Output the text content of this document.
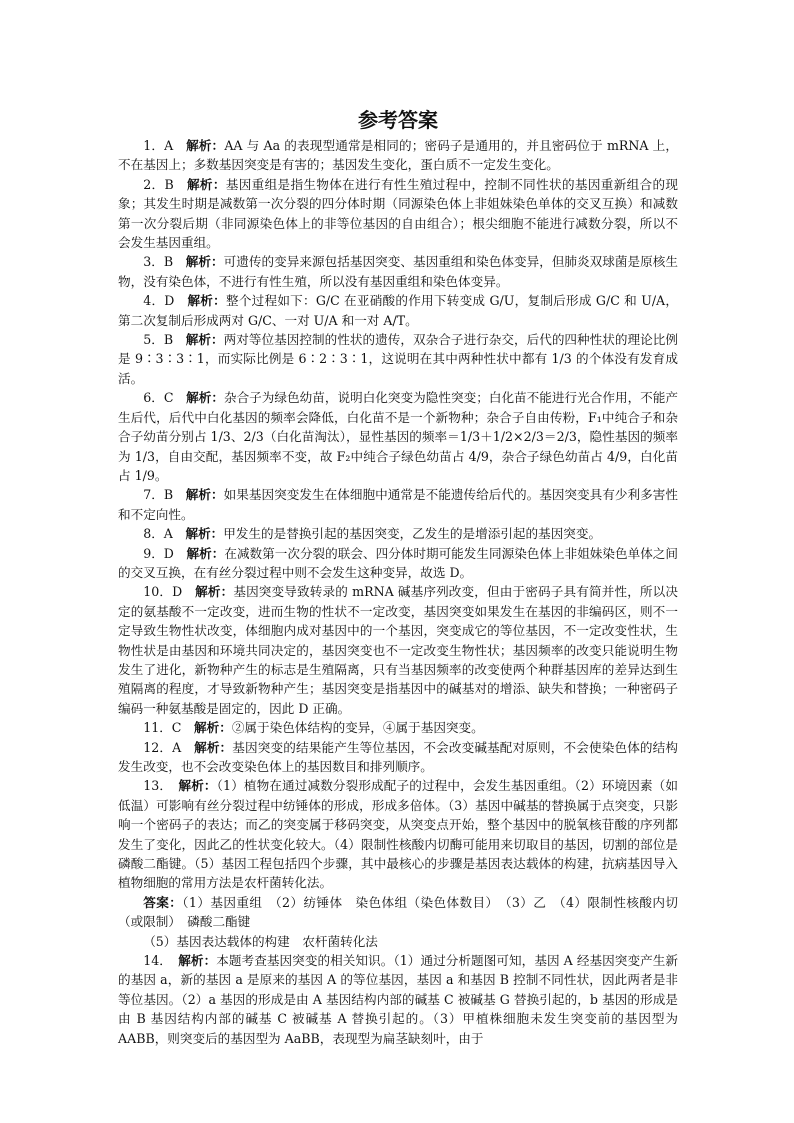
参考答案

1．A　解析：AA 与 Aa 的表现型通常是相同的；密码子是通用的，并且密码位于 mRNA 上，不在基因上；多数基因突变是有害的；基因发生变化，蛋白质不一定发生变化。

2．B　解析：基因重组是指生物体在进行有性生殖过程中，控制不同性状的基因重新组合的现象；其发生时期是减数第一次分裂的四分体时期（同源染色体上非姐妹染色单体的交叉互换）和减数第一次分裂后期（非同源染色体上的非等位基因的自由组合）；根尖细胞不能进行减数分裂，所以不会发生基因重组。

3．B　解析：可遗传的变异来源包括基因突变、基因重组和染色体变异，但肺炎双球菌是原核生物，没有染色体，不进行有性生殖，所以没有基因重组和染色体变异。

4．D　解析：整个过程如下：G/C 在亚硝酸的作用下转变成 G/U，复制后形成 G/C 和 U/A，第二次复制后形成两对 G/C、一对 U/A 和一对 A/T。

5．B　解析：两对等位基因控制的性状的遗传，双杂合子进行杂交，后代的四种性状的理论比例是 9∶3∶3∶1，而实际比例是 6∶2∶3∶1，这说明在其中两种性状中都有 1/3 的个体没有发育成活。

6．C　解析：杂合子为绿色幼苗，说明白化突变为隐性突变；白化苗不能进行光合作用，不能产生后代，后代中白化基因的频率会降低，白化苗不是一个新物种；杂合子自由传粉，F₁中纯合子和杂合子幼苗分别占 1/3、2/3（白化苗淘汰），显性基因的频率＝1/3＋1/2×2/3＝2/3，隐性基因的频率为 1/3，自由交配，基因频率不变，故 F₂中纯合子绿色幼苗占 4/9，杂合子绿色幼苗占 4/9，白化苗占 1/9。

7．B　解析：如果基因突变发生在体细胞中通常是不能遗传给后代的。基因突变具有少利多害性和不定向性。

8．A　解析：甲发生的是替换引起的基因突变，乙发生的是增添引起的基因突变。

9．D　解析：在减数第一次分裂的联会、四分体时期可能发生同源染色体上非姐妹染色单体之间的交叉互换，在有丝分裂过程中则不会发生这种变异，故选 D。

10．D　解析：基因突变导致转录的 mRNA 碱基序列改变，但由于密码子具有简并性，所以决定的氨基酸不一定改变，进而生物的性状不一定改变，基因突变如果发生在基因的非编码区，则不一定导致生物性状改变，体细胞内成对基因中的一个基因，突变成它的等位基因，不一定改变性状，生物性状是由基因和环境共同决定的，基因突变也不一定改变生物性状；基因频率的改变只能说明生物发生了进化，新物种产生的标志是生殖隔离，只有当基因频率的改变使两个种群基因库的差异达到生殖隔离的程度，才导致新物种产生；基因突变是指基因中的碱基对的增添、缺失和替换；一种密码子编码一种氨基酸是固定的，因此 D 正确。

11．C　解析：②属于染色体结构的变异，④属于基因突变。

12．A　解析：基因突变的结果能产生等位基因，不会改变碱基配对原则，不会使染色体的结构发生改变，也不会改变染色体上的基因数目和排列顺序。

13．　解析：（1）植物在通过减数分裂形成配子的过程中，会发生基因重组。（2）环境因素（如低温）可影响有丝分裂过程中纺锤体的形成，形成多倍体。（3）基因中碱基的替换属于点突变，只影响一个密码子的表达；而乙的突变属于移码突变，从突变点开始，整个基因中的脱氧核苷酸的序列都发生了变化，因此乙的性状变化较大。（4）限制性核酸内切酶可能用来切取目的基因，切割的部位是磷酸二酯键。（5）基因工程包括四个步骤，其中最核心的步骤是基因表达载体的构建，抗病基因导入植物细胞的常用方法是农杆菌转化法。

答案：（1）基因重组　（2）纺锤体　染色体组（染色体数目）　（3）乙　（4）限制性核酸内切（或限制）　磷酸二酯键

（5）基因表达载体的构建　农杆菌转化法

14．　解析：本题考查基因突变的相关知识。（1）通过分析题图可知，基因 A 经基因突变产生新的基因 a，新的基因 a 是原来的基因 A 的等位基因，基因 a 和基因 B 控制不同性状，因此两者是非等位基因。（2）a 基因的形成是由 A 基因结构内部的碱基 C 被碱基 G 替换引起的，b 基因的形成是由 B 基因结构内部的碱基 C 被碱基 A 替换引起的。（3）甲植株细胞未发生突变前的基因型为 AABB，则突变后的基因型为 AaBB，表现型为扁茎缺刻叶，由于
